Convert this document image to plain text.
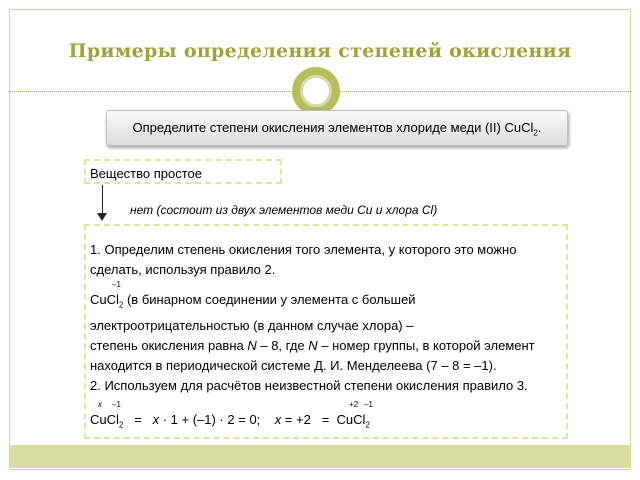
Примеры определения степеней окисления
Определите степени окисления элементов хлориде меди (II) CuCl$_2$.
Вещество простое
нет (состоит из двух элементов меди Cu и хлора Cl)
1. Определим степень окисления того элемента, у которого это можно
сделать, используя правило 2.
–1
CuCl$_2$ (в бинарном соединении у элемента с большей
электроотрицательностью (в данном случае хлора) –
степень окисления равна N – 8, где N – номер группы, в которой элемент
находится в периодической системе Д. И. Менделеева (7 – 8 = –1).
2. Используем для расчётов неизвестной степени окисления правило 3.
x –1	+2 –1
CuCl$_2$   =   x · 1 + (–1) · 2 = 0;    x = +2   =  CuCl$_2$
